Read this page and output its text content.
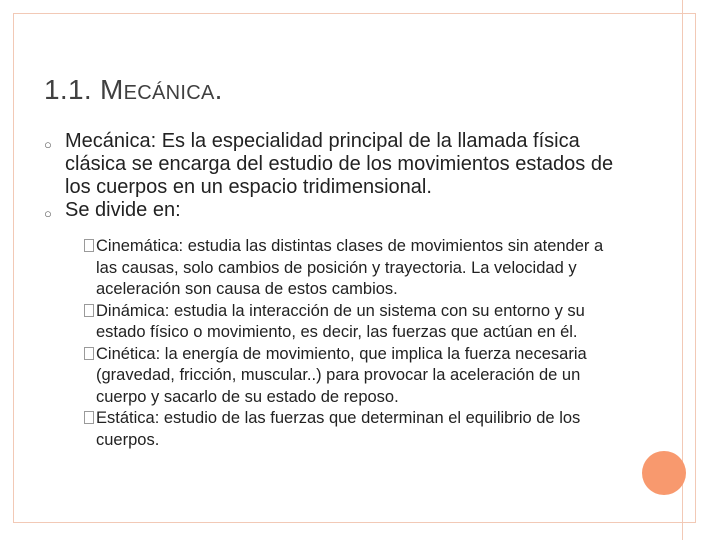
1.1. MECÁNICA.
○ Mecánica: Es la especialidad principal de la llamada física clásica se encarga del estudio de los movimientos estados de los cuerpos en un espacio tridimensional.
○ Se divide en:
Cinemática: estudia las distintas clases de movimientos sin atender a las causas, solo cambios de posición y trayectoria. La velocidad y aceleración son causa de estos cambios.
Dinámica: estudia la interacción de un sistema con su entorno y su estado físico o movimiento, es decir, las fuerzas que actúan en él.
Cinética: la energía de movimiento, que implica la fuerza necesaria (gravedad, fricción, muscular..) para provocar la aceleración de un cuerpo y sacarlo de su estado de reposo.
Estática: estudio de las fuerzas que determinan el equilibrio de los cuerpos.
